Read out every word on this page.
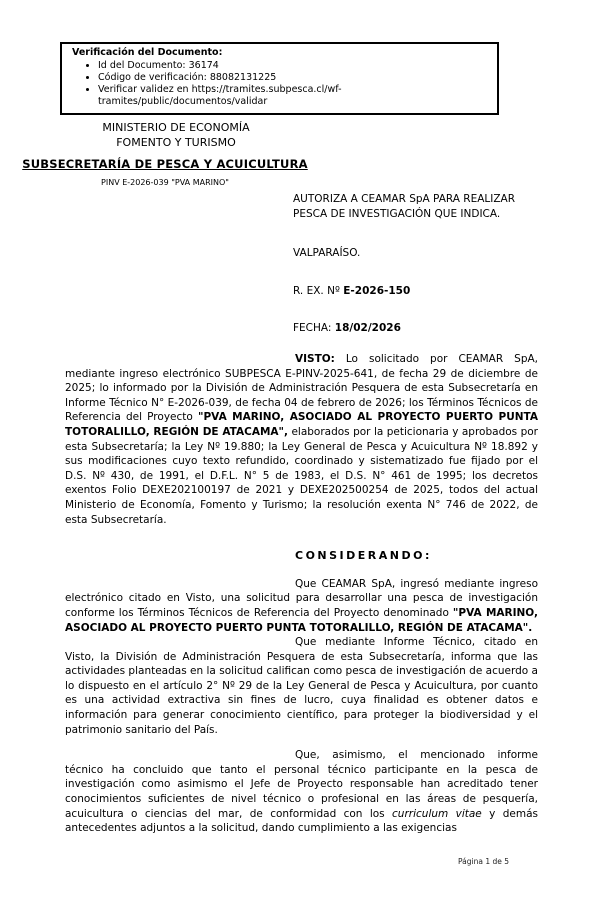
Verificación del Documento:
• Id del Documento: 36174
• Código de verificación: 88082131225
• Verificar validez en https://tramites.subpesca.cl/wf-tramites/public/documentos/validar
MINISTERIO DE ECONOMÍA
FOMENTO Y TURISMO
SUBSECRETARÍA DE PESCA Y ACUICULTURA
PINV E-2026-039 "PVA MARINO"
AUTORIZA A CEAMAR SpA PARA REALIZAR PESCA DE INVESTIGACIÓN QUE INDICA.
VALPARAÍSO.
R. EX. Nº E-2026-150
FECHA: 18/02/2026

VISTO: Lo solicitado por CEAMAR SpA, mediante ingreso electrónico SUBPESCA E-PINV-2025-641, de fecha 29 de diciembre de 2025; lo informado por la División de Administración Pesquera de esta Subsecretaría en Informe Técnico N° E-2026-039, de fecha 04 de febrero de 2026; los Términos Técnicos de Referencia del Proyecto "PVA MARINO, ASOCIADO AL PROYECTO PUERTO PUNTA TOTORALILLO, REGIÓN DE ATACAMA", elaborados por la peticionaria y aprobados por esta Subsecretaría; la Ley Nº 19.880; la Ley General de Pesca y Acuicultura Nº 18.892 y sus modificaciones cuyo texto refundido, coordinado y sistematizado fue fijado por el D.S. Nº 430, de 1991, el D.F.L. N° 5 de 1983, el D.S. N° 461 de 1995; los decretos exentos Folio DEXE202100197 de 2021 y DEXE202500254 de 2025, todos del actual Ministerio de Economía, Fomento y Turismo; la resolución exenta N° 746 de 2022, de esta Subsecretaría.

CONSIDERANDO:

Que CEAMAR SpA, ingresó mediante ingreso electrónico citado en Visto, una solicitud para desarrollar una pesca de investigación conforme los Términos Técnicos de Referencia del Proyecto denominado "PVA MARINO, ASOCIADO AL PROYECTO PUERTO PUNTA TOTORALILLO, REGIÓN DE ATACAMA".

Que mediante Informe Técnico, citado en Visto, la División de Administración Pesquera de esta Subsecretaría, informa que las actividades planteadas en la solicitud califican como pesca de investigación de acuerdo a lo dispuesto en el artículo 2° Nº 29 de la Ley General de Pesca y Acuicultura, por cuanto es una actividad extractiva sin fines de lucro, cuya finalidad es obtener datos e información para generar conocimiento científico, para proteger la biodiversidad y el patrimonio sanitario del País.

Que, asimismo, el mencionado informe técnico ha concluido que tanto el personal técnico participante en la pesca de investigación como asimismo el Jefe de Proyecto responsable han acreditado tener conocimientos suficientes de nivel técnico o profesional en las áreas de pesquería, acuicultura o ciencias del mar, de conformidad con los curriculum vitae y demás antecedentes adjuntos a la solicitud, dando cumplimiento a las exigencias

Página 1 de 5
